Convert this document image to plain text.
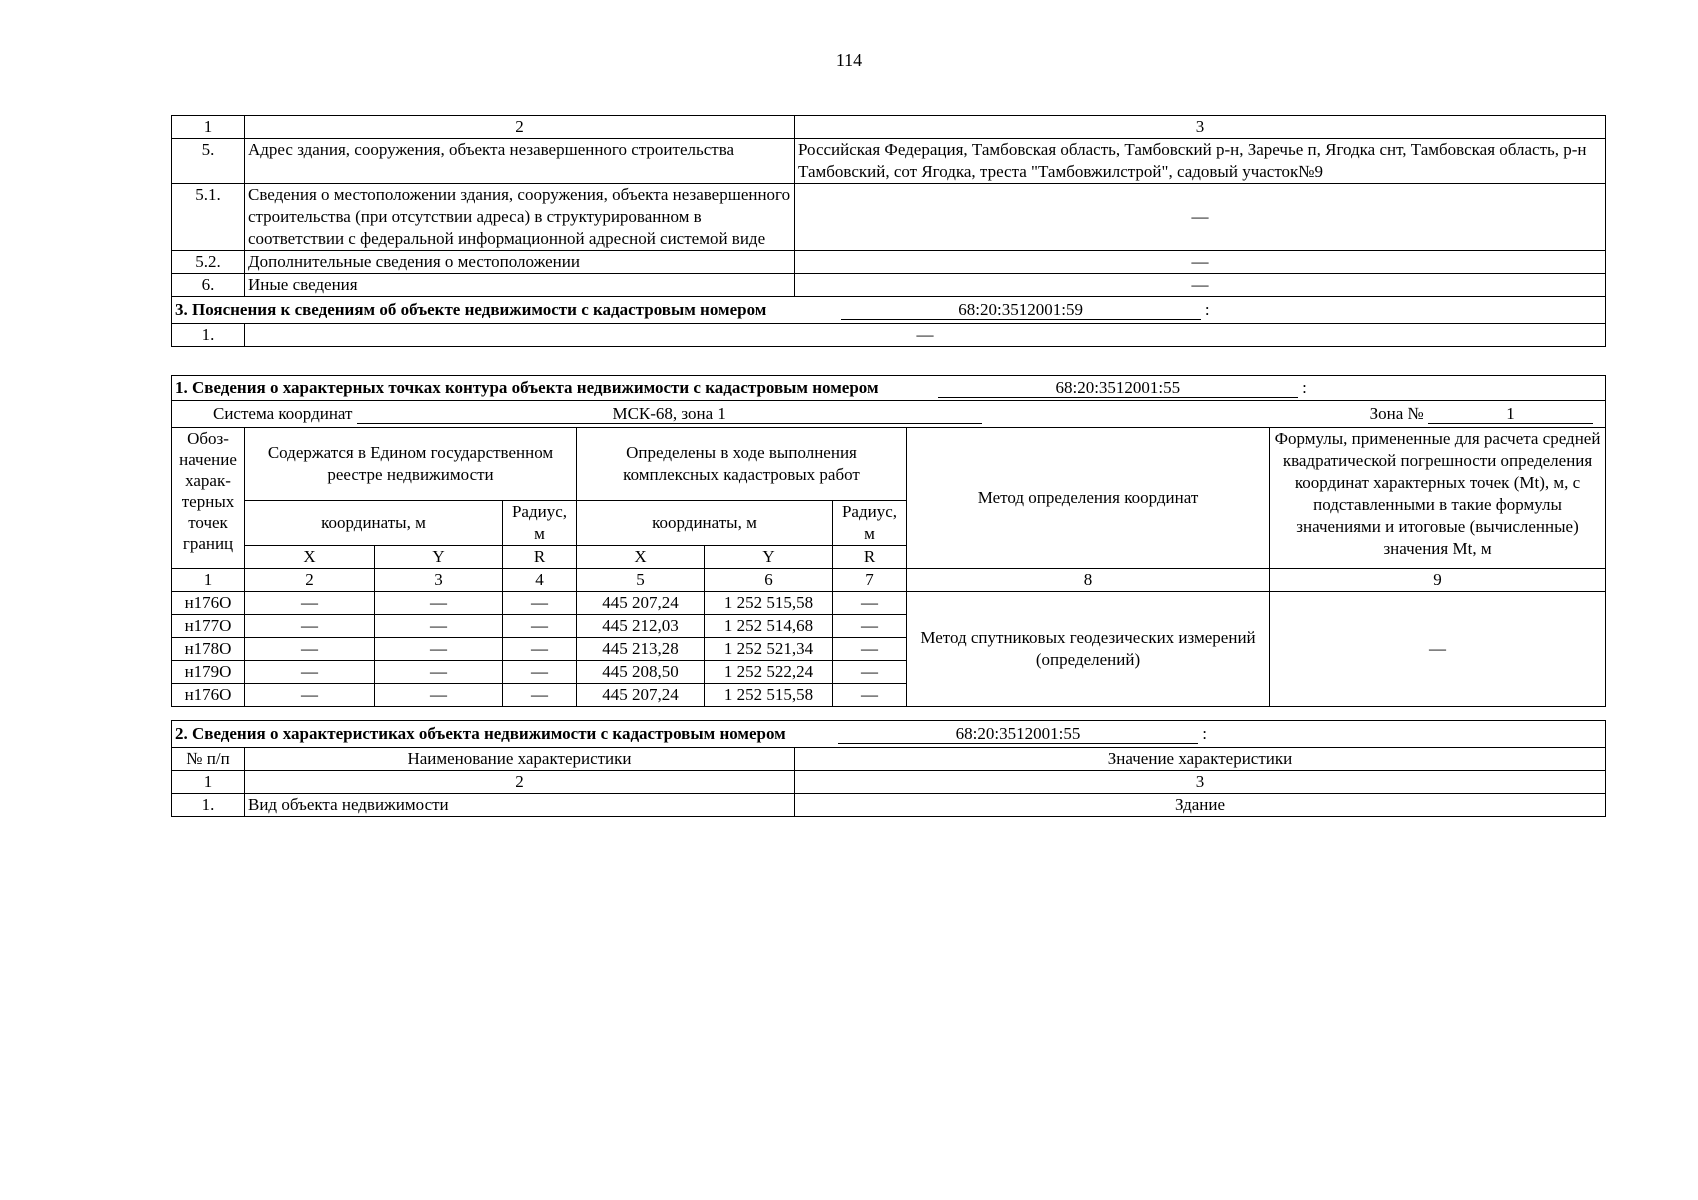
114
1	2	3
5.	Адрес здания, сооружения, объекта незавершенного строительства	Российская Федерация, Тамбовская область, Тамбовский р-н, Заречье п, Ягодка снт, Тамбовская область, р-н Тамбовский, сот Ягодка, треста "Тамбовжилстрой", садовый участок№9
5.1.	Сведения о местоположении здания, сооружения, объекта незавершенного строительства (при отсутствии адреса) в структурированном в соответствии с федеральной информационной адресной системой виде	—
5.2.	Дополнительные сведения о местоположении	—
6.	Иные сведения	—
3. Пояснения к сведениям об объекте недвижимости с кадастровым номером 68:20:3512001:59 :		
1.	—	
1. Сведения о характерных точках контура объекта недвижимости с кадастровым номером 68:20:3512001:55 :								
Система координат МСК-68, зона 1 Зона № 1								

Обоз-начение харак-терных точек границ	Содержатся в Едином государственном реестре недвижимости			Определены в ходе выполнения комплексных кадастровых работ			Метод определения координат	Формулы, примененные для расчета средней квадратической погрешности определения координат характерных точек (Mt), м, с подставленными в такие формулы значениями и итоговые (вычисленные) значения Mt, м
	координаты, м		Радиус, м	координаты, м		Радиус, м		
	X	Y	R	X	Y	R		
1	2	3	4	5	6	7	8	9
н176О	—	—	—	445 207,24	1 252 515,58	—	Метод спутниковых геодезических измерений (определений)	—
н177О	—	—	—	445 212,03	1 252 514,68	—		
н178О	—	—	—	445 213,28	1 252 521,34	—		
н179О	—	—	—	445 208,50	1 252 522,24	—		
н176О	—	—	—	445 207,24	1 252 515,58	—		
2. Сведения о характеристиках объекта недвижимости с кадастровым номером 68:20:3512001:55 :		
№ п/п	Наименование характеристики	Значение характеристики
1	2	3
1.	Вид объекта недвижимости	Здание
